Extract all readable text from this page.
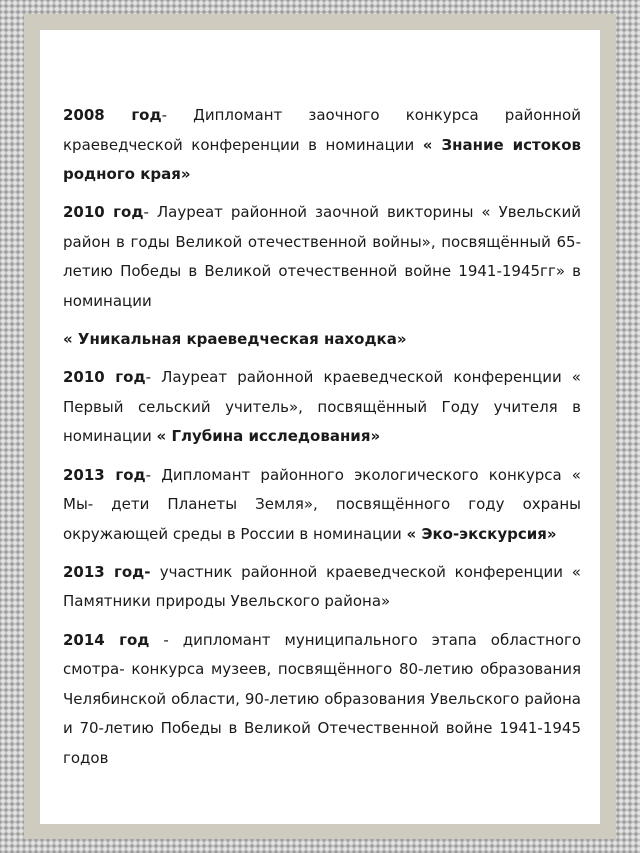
2008 год- Дипломант заочного конкурса районной краеведческой конференции в номинации « Знание истоков родного края»

2010 год- Лауреат районной заочной викторины « Увельский район в годы Великой отечественной войны», посвящённый 65-летию Победы в Великой отечественной войне 1941-1945гг» в номинации

« Уникальная краеведческая находка»

2010 год- Лауреат районной краеведческой конференции « Первый сельский учитель», посвящённый Году учителя в номинации « Глубина исследования»

2013 год- Дипломант районного экологического конкурса « Мы- дети Планеты Земля», посвящённого году охраны окружающей среды в России в номинации « Эко-экскурсия»

2013 год- участник районной краеведческой конференции « Памятники природы Увельского района»

2014 год - дипломант муниципального этапа областного смотра- конкурса музеев, посвящённого 80-летию образования Челябинской области, 90-летию образования Увельского района и 70-летию Победы в Великой Отечественной войне 1941-1945 годов
